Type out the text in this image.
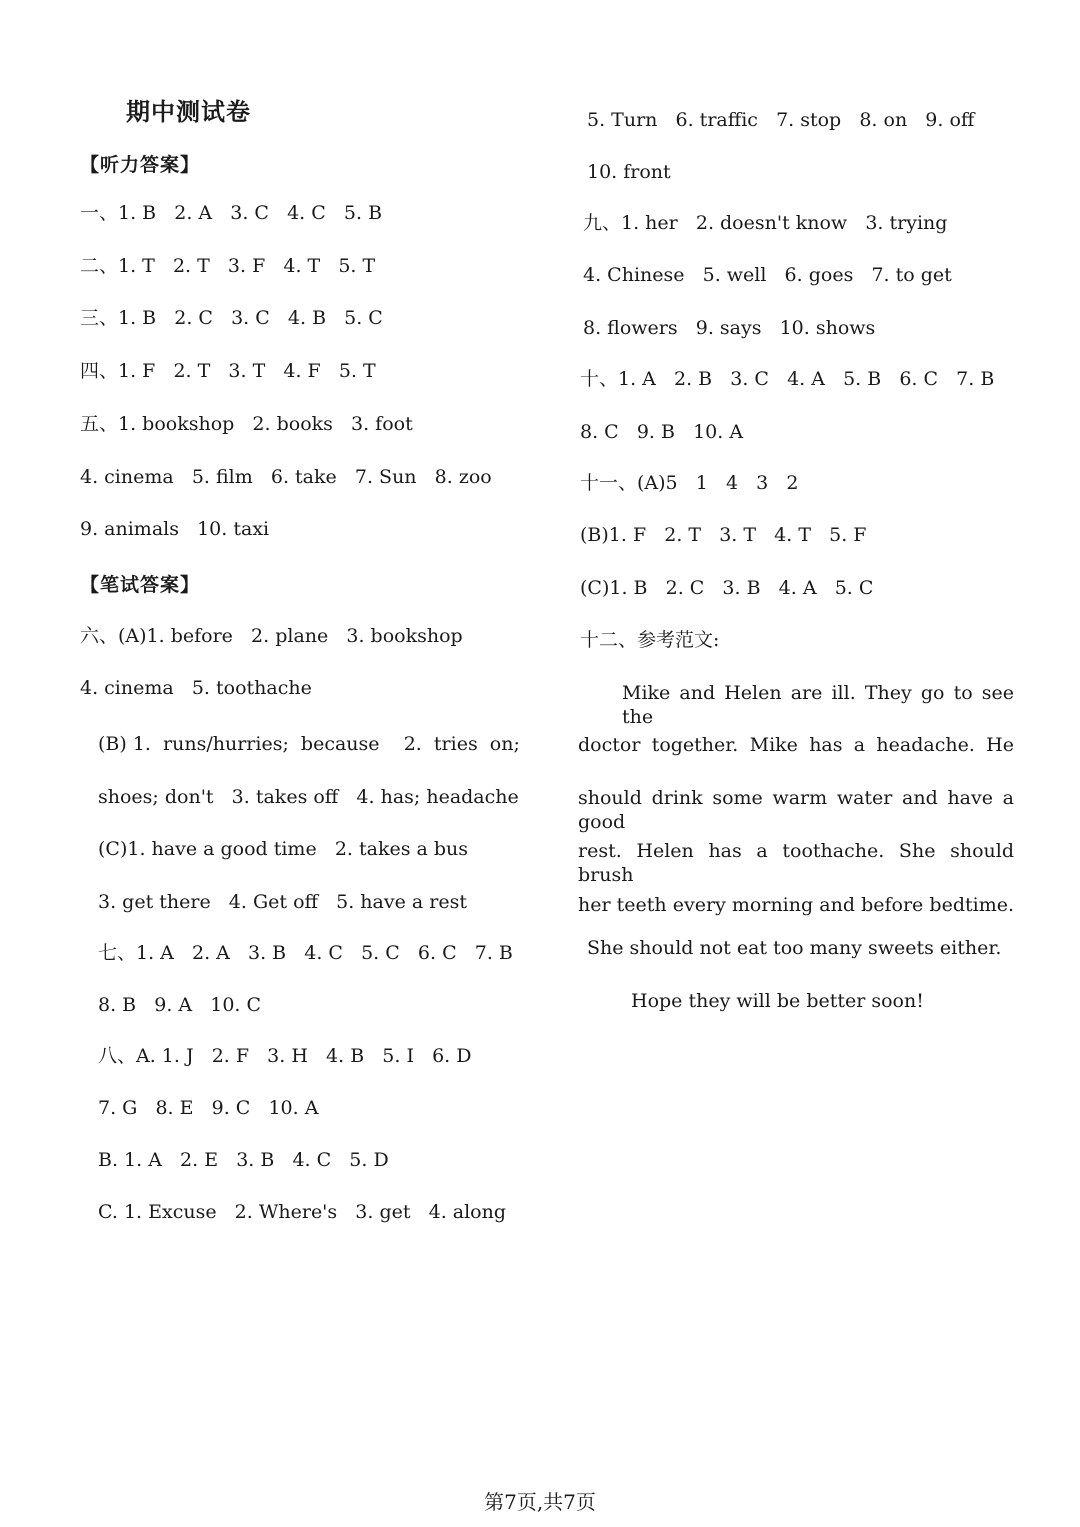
期中测试卷
【听力答案】
一、1. B   2. A   3. C   4. C   5. B
二、1. T   2. T   3. F   4. T   5. T
三、1. B   2. C   3. C   4. B   5. C
四、1. F   2. T   3. T   4. F   5. T
五、1. bookshop   2. books   3. foot
4. cinema   5. film   6. take   7. Sun   8. zoo
9. animals   10. taxi
【笔试答案】
六、(A)1. before   2. plane   3. bookshop
4. cinema   5. toothache
(B) 1.  runs/hurries;  because    2.  tries  on;
shoes; don't   3. takes off   4. has; headache
(C)1. have a good time   2. takes a bus
3. get there   4. Get off   5. have a rest
七、1. A   2. A   3. B   4. C   5. C   6. C   7. B
8. B   9. A   10. C
八、A. 1. J   2. F   3. H   4. B   5. I   6. D
7. G   8. E   9. C   10. A
B. 1. A   2. E   3. B   4. C   5. D
C. 1. Excuse   2. Where's   3. get   4. along
5. Turn   6. traffic   7. stop   8. on   9. off
10. front
九、1. her   2. doesn't know   3. trying
4. Chinese   5. well   6. goes   7. to get
8. flowers   9. says   10. shows
十、1. A   2. B   3. C   4. A   5. B   6. C   7. B
8. C   9. B   10. A
十一、(A)5   1   4   3   2
(B)1. F   2. T   3. T   4. T   5. F
(C)1. B   2. C   3. B   4. A   5. C
十二、参考范文:
Mike and Helen are ill. They go to see the
doctor together. Mike has a headache. He
should drink some warm water and have a good
rest. Helen has a toothache. She should brush
her teeth every morning and before bedtime.
She should not eat too many sweets either.
Hope they will be better soon!
第7页,共7页
